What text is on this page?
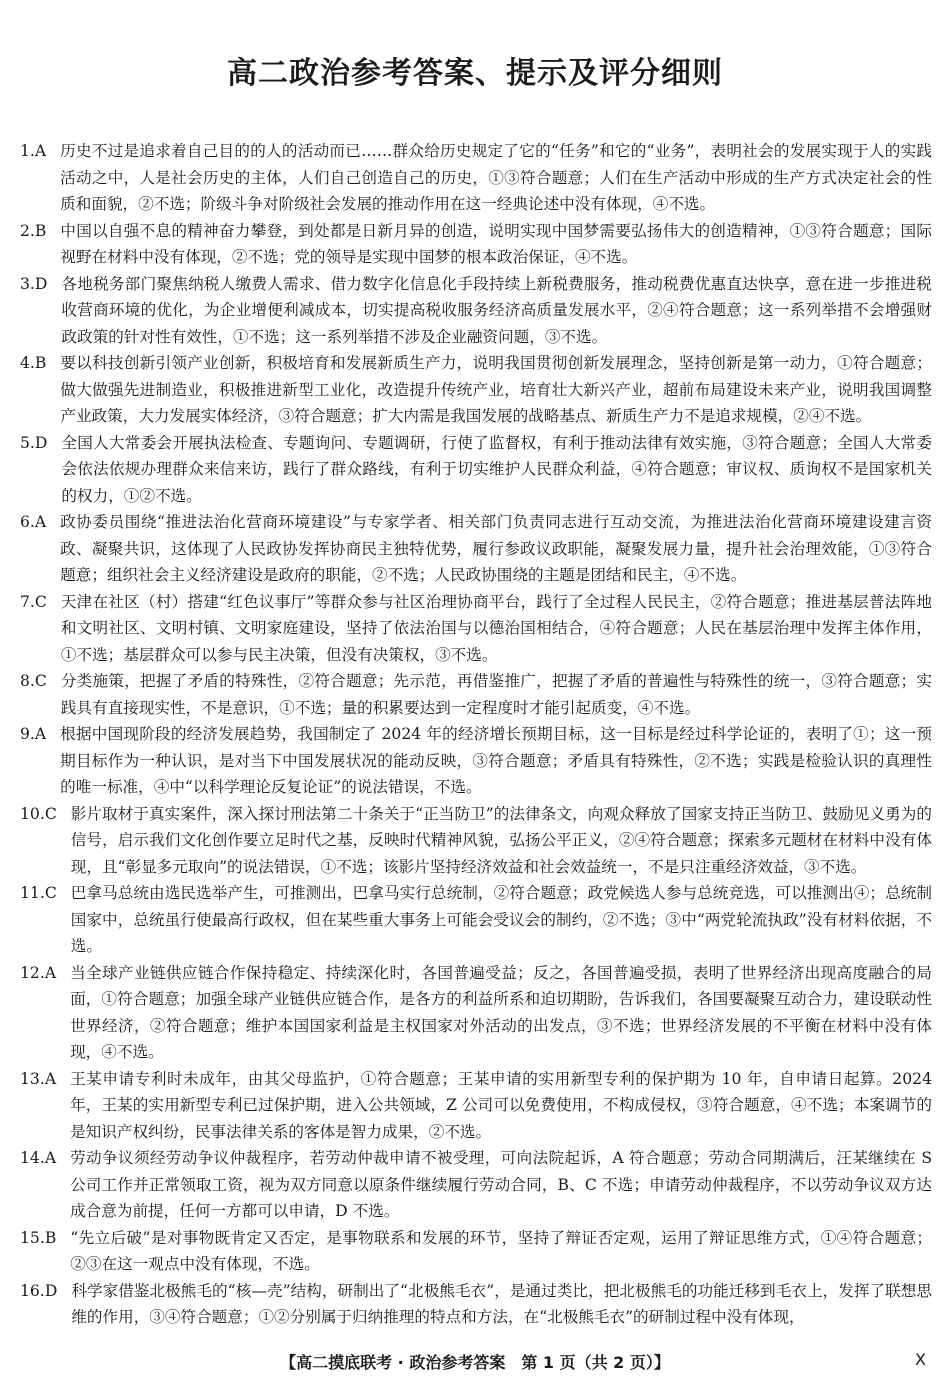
高二政治参考答案、提示及评分细则
1. A 历史不过是追求着自己目的的人的活动而已……群众给历史规定了它的“任务”和它的“业务”，表明社会的发展实现于人的实践活动之中，人是社会历史的主体，人们自己创造自己的历史，①③符合题意；人们在生产活动中形成的生产方式决定社会的性质和面貌，②不选；阶级斗争对阶级社会发展的推动作用在这一经典论述中没有体现，④不选。
2. B 中国以自强不息的精神奋力攀登，到处都是日新月异的创造，说明实现中国梦需要弘扬伟大的创造精神，①③符合题意；国际视野在材料中没有体现，②不选；党的领导是实现中国梦的根本政治保证，④不选。
3. D 各地税务部门聚焦纳税人缴费人需求、借力数字化信息化手段持续上新税费服务，推动税费优惠直达快享，意在进一步推进税收营商环境的优化，为企业增便利减成本，切实提高税收服务经济高质量发展水平，②④符合题意；这一系列举措不会增强财政政策的针对性有效性，①不选；这一系列举措不涉及企业融资问题，③不选。
4. B 要以科技创新引领产业创新，积极培育和发展新质生产力，说明我国贯彻创新发展理念，坚持创新是第一动力，①符合题意；做大做强先进制造业，积极推进新型工业化，改造提升传统产业，培育壮大新兴产业，超前布局建设未来产业，说明我国调整产业政策，大力发展实体经济，③符合题意；扩大内需是我国发展的战略基点、新质生产力不是追求规模，②④不选。
5. D 全国人大常委会开展执法检查、专题询问、专题调研，行使了监督权，有利于推动法律有效实施，③符合题意；全国人大常委会依法依规办理群众来信来访，践行了群众路线，有利于切实维护人民群众利益，④符合题意；审议权、质询权不是国家机关的权力，①②不选。
6. A 政协委员围绕“推进法治化营商环境建设”与专家学者、相关部门负责同志进行互动交流，为推进法治化营商环境建设建言资政、凝聚共识，这体现了人民政协发挥协商民主独特优势，履行参政议政职能，凝聚发展力量，提升社会治理效能，①③符合题意；组织社会主义经济建设是政府的职能，②不选；人民政协围绕的主题是团结和民主，④不选。
7. C 天津在社区（村）搭建“红色议事厅”等群众参与社区治理协商平台，践行了全过程人民民主，②符合题意；推进基层普法阵地和文明社区、文明村镇、文明家庭建设，坚持了依法治国与以德治国相结合，④符合题意；人民在基层治理中发挥主体作用，①不选；基层群众可以参与民主决策，但没有决策权，③不选。
8. C 分类施策，把握了矛盾的特殊性，②符合题意；先示范，再借鉴推广，把握了矛盾的普遍性与特殊性的统一，③符合题意；实践具有直接现实性，不是意识，①不选；量的积累要达到一定程度时才能引起质变，④不选。
9. A 根据中国现阶段的经济发展趋势，我国制定了 2024 年的经济增长预期目标，这一目标是经过科学论证的，表明了①；这一预期目标作为一种认识，是对当下中国发展状况的能动反映，③符合题意；矛盾具有特殊性，②不选；实践是检验认识的真理性的唯一标准，④中“以科学理论反复论证”的说法错误，不选。
10. C 影片取材于真实案件，深入探讨刑法第二十条关于“正当防卫”的法律条文，向观众释放了国家支持正当防卫、鼓励见义勇为的信号，启示我们文化创作要立足时代之基，反映时代精神风貌，弘扬公平正义，②④符合题意；探索多元题材在材料中没有体现，且“彰显多元取向”的说法错误，①不选；该影片坚持经济效益和社会效益统一，不是只注重经济效益，③不选。
11. C 巴拿马总统由选民选举产生，可推测出，巴拿马实行总统制，②符合题意；政党候选人参与总统竞选，可以推测出④；总统制国家中，总统虽行使最高行政权，但在某些重大事务上可能会受议会的制约，②不选；③中“两党轮流执政”没有材料依据，不选。
12. A 当全球产业链供应链合作保持稳定、持续深化时，各国普遍受益；反之，各国普遍受损，表明了世界经济出现高度融合的局面，①符合题意；加强全球产业链供应链合作，是各方的利益所系和迫切期盼，告诉我们，各国要凝聚互动合力，建设联动性世界经济，②符合题意；维护本国国家利益是主权国家对外活动的出发点，③不选；世界经济发展的不平衡在材料中没有体现，④不选。
13. A 王某申请专利时未成年，由其父母监护，①符合题意；王某申请的实用新型专利的保护期为 10 年，自申请日起算。2024 年，王某的实用新型专利已过保护期，进入公共领域，Z 公司可以免费使用，不构成侵权，③符合题意，④不选；本案调节的是知识产权纠纷，民事法律关系的客体是智力成果，②不选。
14. A 劳动争议须经劳动争议仲裁程序，若劳动仲裁申请不被受理，可向法院起诉，A 符合题意；劳动合同期满后，汪某继续在 S 公司工作并正常领取工资，视为双方同意以原条件继续履行劳动合同，B、C 不选；申请劳动仲裁程序，不以劳动争议双方达成合意为前提，任何一方都可以申请，D 不选。
15. B “先立后破”是对事物既肯定又否定，是事物联系和发展的环节，坚持了辩证否定观，运用了辩证思维方式，①④符合题意；②③在这一观点中没有体现，不选。
16. D 科学家借鉴北极熊毛的“核—壳”结构，研制出了“北极熊毛衣”，是通过类比，把北极熊毛的功能迁移到毛衣上，发挥了联想思维的作用，③④符合题意；①②分别属于归纳推理的特点和方法，在“北极熊毛衣”的研制过程中没有体现，
【高二摸底联考 · 政治参考答案　第 1 页（共 2 页）】	X
